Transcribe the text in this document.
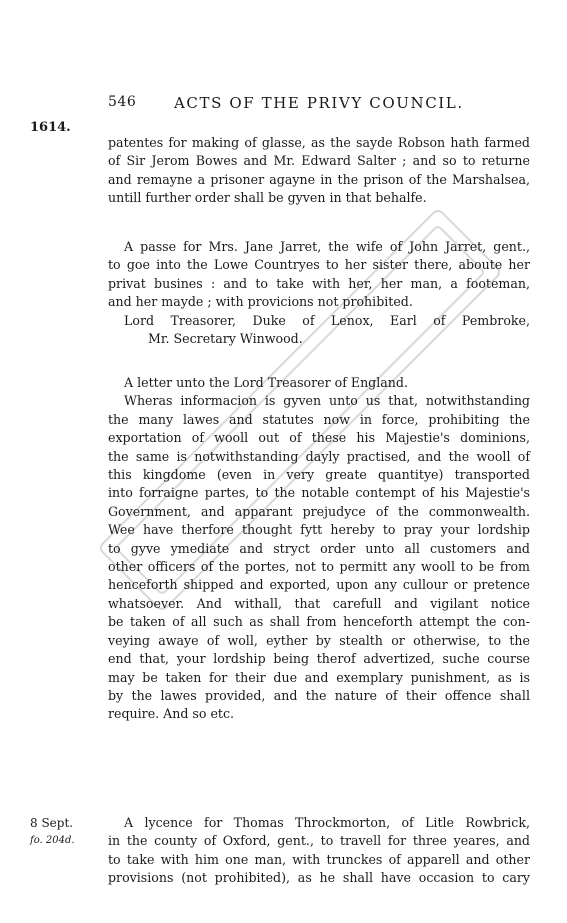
546	ACTS OF THE PRIVY COUNCIL.
1614.
patentes for making of glasse, as the sayde Robson hath farmed
of Sir Jerom Bowes and Mr. Edward Salter ; and so to returne
and remayne a prisoner agayne in the prison of the Marshalsea,
untill further order shall be gyven in that behalfe.
A passe for Mrs. Jane Jarret, the wife of John Jarret, gent.,
to goe into the Lowe Countryes to her sister there, aboute her
privat busines : and to take with her, her man, a footeman,
and her mayde ; with provicions not prohibited.
Lord Treasorer, Duke of Lenox, Earl of Pembroke,
Mr. Secretary Winwood.
A letter unto the Lord Treasorer of England.
Wheras informacion is gyven unto us that, notwithstanding
the many lawes and statutes now in force, prohibiting the
exportation of wooll out of these his Majestie's dominions,
the same is notwithstanding dayly practised, and the wooll of
this kingdome (even in very greate quantitye) transported
into forraigne partes, to the notable contempt of his Majestie's
Government, and apparant prejudyce of the commonwealth.
Wee have therfore thought fytt hereby to pray your lordship
to gyve ymediate and stryct order unto all customers and
other officers of the portes, not to permitt any wooll to be from
henceforth shipped and exported, upon any cullour or pretence
whatsoever. And withall, that carefull and vigilant notice
be taken of all such as shall from henceforth attempt the con-
veying awaye of woll, eyther by stealth or otherwise, to the
end that, your lordship being therof advertized, suche course
may be taken for their due and exemplary punishment, as is
by the lawes provided, and the nature of their offence shall
require. And so etc.
8 Sept.
fo. 204d.
A lycence for Thomas Throckmorton, of Litle Rowbrick,
in the county of Oxford, gent., to travell for three yeares, and
to take with him one man, with trunckes of apparell and other
provisions (not prohibited), as he shall have occasion to cary
